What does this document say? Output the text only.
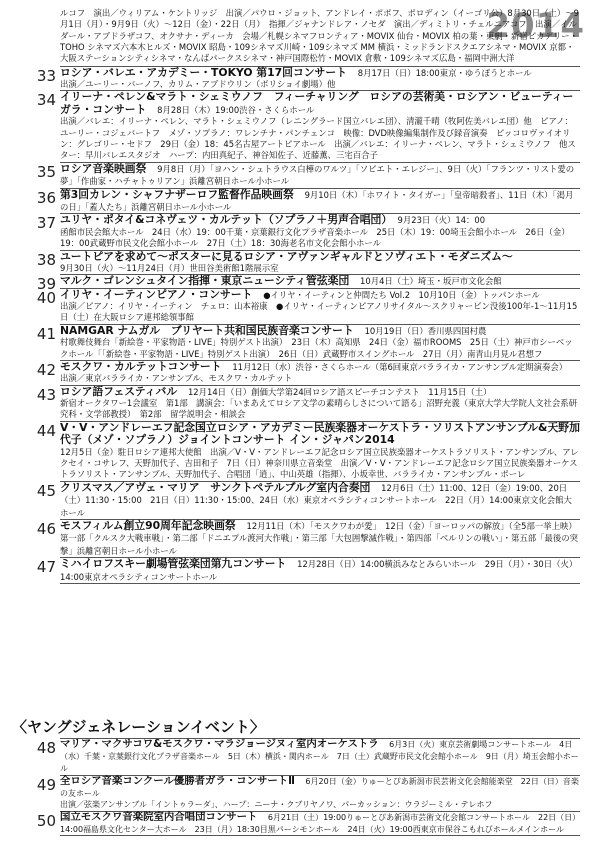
2014
ルコフ　演出／ウィリアム・ケントリッジ　出演／パウロ・ジョット、アンドレイ・ポポフ、ポロディン（イーゴリ公）8月30日（土）〜9月1日（月）・9月9日（火）〜12日（金）・22日（月）　指揮／ジャナンドレア・ノセダ　演出／ディミトリ・チェルニアコフ　出演／イルダール・アブドラザコフ、オクサナ・ディーカ　会場／札幌シネマフロンティア・MOVIX 仙台・MOVIX 柏の葉・東劇・新宿ピカデリー・TOHO シネマズ六本木ヒルズ・MOVIX 昭島・109シネマズ川崎・109シネマズ MM 横浜・ミッドランドスクエアシネマ・MOVIX 京都・大阪ステーションシティシネマ・なんばパークスシネマ・神戸国際松竹・MOVIX 倉敷・109シネマズ広島・福岡中洲大洋
33 ロシア・バレエ・アカデミー・TOKYO 第17回コンサート　 8月17日（日）18:00東京・ゆうぽうとホール
出演／ユーリー・バーノフ、カリム・アブドウリン（ボリショイ劇場）他
34 イリーナ・ペレン&マラト・シェミウノフ　フィーチャリング　ロシアの芸術美・ロシアン・ビューティーガラ・コンサート　 8月28日（木）19:00渋谷・さくらホール
出演／バレエ：イリーナ・ペレン、マラト・シェミウノフ（レニングラード国立バレエ団）、清瀧千晴（牧阿佐美バレエ団）他　ピアノ：ユーリー・コジェバートフ　メゾ・ソプラノ：ワレンチナ・パンチェンコ　映像：DVD映像編集制作及び録音演奏　ピッコロヴァイオリン：グレゴリー・セドフ　29日（金）18：45名古屋アートピアホール　出演／バレエ：イリーナ・ペレン、マラト・シェミウノフ　他スター：早川バレエスタジオ　ハープ：内田真紀子、神谷知佐子、近藤薫、三宅百合子
35 ロシア音楽映画祭　 9月8日（月）「ヨハン・シュトラウス白樺のワルツ」「ソビエト・エレジー」、9日（火）「フランツ・リスト愛の夢」「作曲家・ハチャトゥリアン」浜離宮朝日ホール小ホール
36 第3回カレン・シャフナザーロフ監督作品映画祭　 9月10日（木）「ホワイト・タイガー」「皇帝暗殺者」、11日（木）「渇月の日」「蓋人たち」浜離宮朝日ホール小ホール
37 ユリヤ・ポタイ&コネヴェツ・カルテット（ソプラノ＋男声合唱団）　 9月23日（火）14：00
函館市民会館大ホール　24日（水）19：00千葉・京葉銀行文化プラザ音楽ホール　25日（木）19：00埼玉会館小ホール　26日（金）19：00武蔵野市民文化会館小ホール　27日（土）18：30海老名市文化会館小ホール
38 ユートピアを求めて〜ポスターに見るロシア・アヴァンギャルドとソヴィエト・モダニズム〜　
9月30日（火）〜11月24日（月）世田谷美術館1階展示室
39 マルク・ゴレンシュタイン指揮・東京ニューシティ管弦楽団　 10月4日（土）埼玉・坂戸市文化会館
40 イリヤ・イーティンピアノ・コンサート　 ●イリヤ・イーティンと仲間たち Vol.2　10月10日（金）トッパンホール
出演／ピアノ：イリヤ・イーティン　チェロ：山本裕康　●イリヤ・イーティンピアノリサイタル〜スクリャービン没後100年-1〜11月15日（土）在大阪ロシア連邦総領事館
41 NAMGAR ナムガル　ブリヤート共和国民族音楽コンサート　 10月19日（日）香川県四国村農
村歌舞伎舞台「新絵巻・平家物語・LIVE」特別ゲスト出演）　23日（木）高知県　24日（金）福市ROOMS　25日（土）神戸市シーベックホール「「新絵巻・平家物語・LIVE」特別ゲスト出演）　26日（日）武蔵野市スイングホール　27日（月）南青山月見ル君想フ
42 モスクワ・カルテットコンサート　 11月12日（水）渋谷・さくらホール（第6回東京バラライカ・アンサンブル定期演奏会）
出演／東京バラライカ・アンサンブル、モスクワ・カルテット
43 ロシア語フェスティバル　 12月14日（日）創価大学第24回ロシア語スピーチコンテスト　11月15日（土）
新宿オークタワー1会議室　第1部　講演会：「いまあえてロシア文学の素晴らしさについて語る」沼野充義（東京大学大学院人文社会系研究科・文学部教授）　第2部　留学説明会・相談会
44 V・V・アンドレーエフ記念国立ロシア・アカデミー民族楽器オーケストラ・ソリストアンサンブル&天野加代子（メゾ・ソプラノ）ジョイントコンサート イン・ジャパン2014　
12月5日（金）駐日ロシア連邦大使館　出演／V・V・アンドレーエフ記念ロシア国立民族楽器オーケストラソリスト・アンサンブル、アレクセイ・コサレフ、天野加代子、吉田和子　7日（日）神奈川県立音楽堂　出演／V・V・アンドレーエフ記念ロシア国立民族楽器オーケストラソリスト・アンサンブル、天野加代子、合唱団「逍」、中山英雄（指揮）、小坂幸世、バラライカ・アンサンブル・ポーレ
45 クリスマス／アヴェ・マリア　サンクトペテルブルグ室内合奏団　 12月6日（土）11:00、12日（金）19:00、20日（土）11:30・15:00　21日（日）11:30・15:00、24日（水）東京オペラシティコンサートホール　22日（月）14:00東京文化会館大ホール
46 モスフィルム創立90周年記念映画祭　 12月11日（木）「モスクワわが愛」　12日（金）「ヨーロッパの解放」（全5部一挙上映）第一部「クルスク大戦車戦」・第二部「ドニエプル渡河大作戦」・第三部「大包囲撃滅作戦」・第四部「ベルリンの戦い」・第五部「最後の突撃」浜離宮朝日ホール小ホール
47 ミハイロフスキー劇場管弦楽団第九コンサート　 12月28日（日）14:00横浜みなとみらいホール　29日（月）・30日（火）14:00東京オペラシティコンサートホール
〈ヤングジェネレーションイベント〉
48 マリア・マクサコワ&モスクワ・マラジョージヌィ室内オーケストラ　 6月3日（火）東京芸術劇場コンサートホール　4日（水）千葉・京葉銀行文化プラザ音楽ホール　5日（木）横浜・関内ホール　7日（土）武蔵野市民文化会館小ホール　9日（月）埼玉会館小ホール
49 全ロシア音楽コンクール優勝者ガラ・コンサートⅡ　 6月20日（金）りゅーとぴあ新潟市民芸術文化会館能楽堂　22日（日）音楽の友ホール
出演／弦楽アンサンブル「イントゥラーダ」、ハープ：ニーナ・クブリヤノワ、パーカッション：ウラジーミル・テレホフ
50 国立モスクワ音楽院室内合唱団コンサート　 6月21日（土）19:00りゅーとぴあ新潟市芸術文化会館コンサートホール　22日（日）14:00福島県文化センター大ホール　23日（月）18:30目黒パーシモンホール　24日（火）19:00西東京市保谷こもれびホールメインホール
